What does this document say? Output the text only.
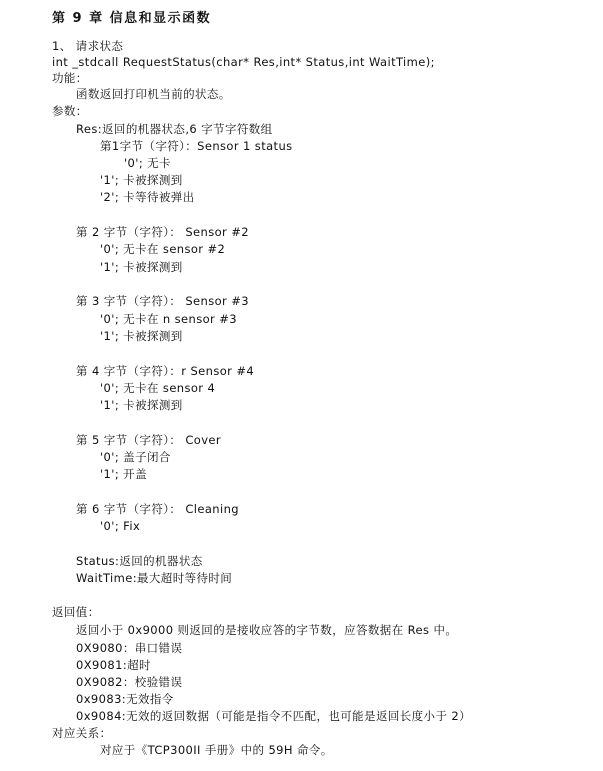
第 9 章 信息和显示函数
1、 请求状态
int _stdcall RequestStatus(char* Res,int* Status,int WaitTime);
功能：
函数返回打印机当前的状态。
参数：
Res:返回的机器状态,6 字节字符数组
第1字节（字符）：Sensor 1 status
'0'; 无卡
'1'; 卡被探测到
'2'; 卡等待被弹出
第 2 字节（字符）： Sensor #2
'0'; 无卡在 sensor #2
'1'; 卡被探测到
第 3 字节（字符）： Sensor #3
'0'; 无卡在 n sensor #3
'1'; 卡被探测到
第 4 字节（字符）：r Sensor #4
'0'; 无卡在 sensor 4
'1'; 卡被探测到
第 5 字节（字符）： Cover
'0'; 盖子闭合
'1'; 开盖
第 6 字节（字符）： Cleaning
'0'; Fix
Status:返回的机器状态
WaitTime:最大超时等待时间
返回值：
返回小于 0x9000 则返回的是接收应答的字节数，应答数据在 Res 中。
0X9080：串口错误
0X9081:超时
0X9082：校验错误
0x9083:无效指令
0x9084:无效的返回数据（可能是指令不匹配，也可能是返回长度小于 2）
对应关系：
对应于《TCP300II 手册》中的 59H 命令。
